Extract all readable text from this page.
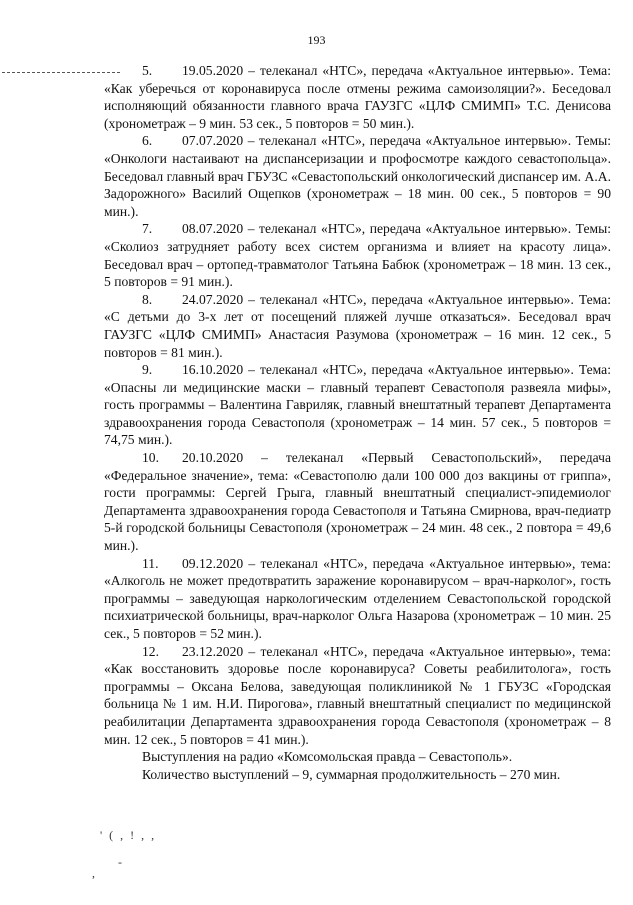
193

5. 19.05.2020 – телеканал «НТС», передача «Актуальное интервью». Тема: «Как уберечься от коронавируса после отмены режима самоизоляции?». Беседовал исполняющий обязанности главного врача ГАУЗГС «ЦЛФ СМИМП» Т.С. Денисова (хронометраж – 9 мин. 53 сек., 5 повторов = 50 мин.).

6. 07.07.2020 – телеканал «НТС», передача «Актуальное интервью». Темы: «Онкологи настаивают на диспансеризации и профосмотре каждого севастопольца». Беседовал главный врач ГБУЗС «Севастопольский онкологический диспансер им. А.А. Задорожного» Василий Ощепков (хронометраж – 18 мин. 00 сек., 5 повторов = 90 мин.).

7. 08.07.2020 – телеканал «НТС», передача «Актуальное интервью». Темы: «Сколиоз затрудняет работу всех систем организма и влияет на красоту лица». Беседовал врач – ортопед-травматолог Татьяна Бабюк (хронометраж – 18 мин. 13 сек., 5 повторов = 91 мин.).

8. 24.07.2020 – телеканал «НТС», передача «Актуальное интервью». Тема: «С детьми до 3-х лет от посещений пляжей лучше отказаться». Беседовал врач ГАУЗГС «ЦЛФ СМИМП» Анастасия Разумова (хронометраж – 16 мин. 12 сек., 5 повторов = 81 мин.).

9. 16.10.2020 – телеканал «НТС», передача «Актуальное интервью». Тема: «Опасны ли медицинские маски – главный терапевт Севастополя развеяла мифы», гость программы – Валентина Гавриляк, главный внештатный терапевт Департамента здравоохранения города Севастополя (хронометраж – 14 мин. 57 сек., 5 повторов = 74,75 мин.).

10. 20.10.2020 – телеканал «Первый Севастопольский», передача «Федеральное значение», тема: «Севастополю дали 100 000 доз вакцины от гриппа», гости программы: Сергей Грыга, главный внештатный специалист-эпидемиолог Департамента здравоохранения города Севастополя и Татьяна Смирнова, врач-педиатр 5-й городской больницы Севастополя (хронометраж – 24 мин. 48 сек., 2 повтора = 49,6 мин.).

11. 09.12.2020 – телеканал «НТС», передача «Актуальное интервью», тема: «Алкоголь не может предотвратить заражение коронавирусом – врач-нарколог», гость программы – заведующая наркологическим отделением Севастопольской городской психиатрической больницы, врач-нарколог Ольга Назарова (хронометраж – 10 мин. 25 сек., 5 повторов = 52 мин.).

12. 23.12.2020 – телеканал «НТС», передача «Актуальное интервью», тема: «Как восстановить здоровье после коронавируса? Советы реабилитолога», гость программы – Оксана Белова, заведующая поликлиникой № 1 ГБУЗС «Городская больница № 1 им. Н.И. Пирогова», главный внештатный специалист по медицинской реабилитации Департамента здравоохранения города Севастополя (хронометраж – 8 мин. 12 сек., 5 повторов = 41 мин.).

Выступления на радио «Комсомольская правда – Севастополь».

Количество выступлений – 9, суммарная продолжительность – 270 мин.

' ( , ! , ,
-
,
